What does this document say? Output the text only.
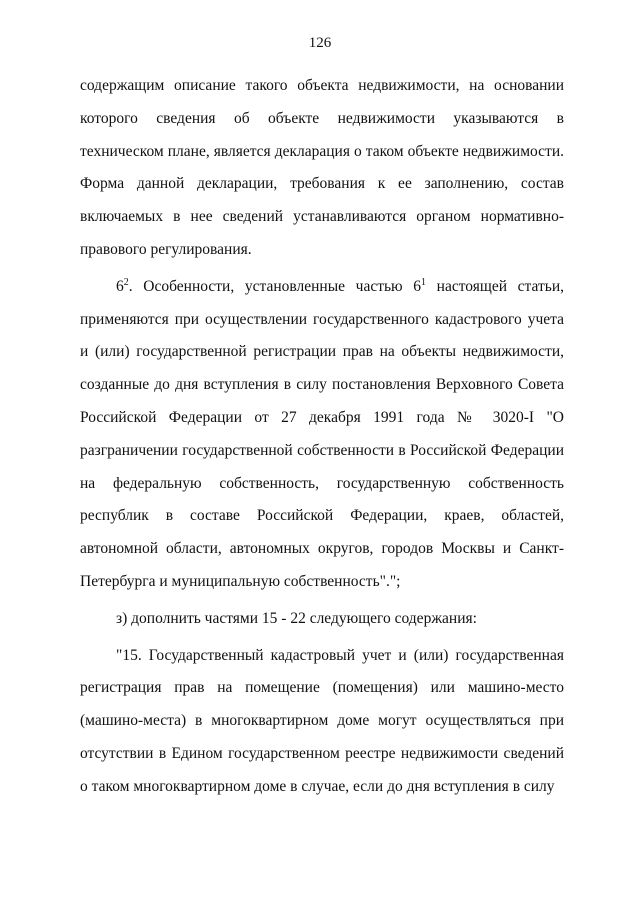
126

содержащим описание такого объекта недвижимости, на основании которого сведения об объекте недвижимости указываются в техническом плане, является декларация о таком объекте недвижимости. Форма данной декларации, требования к ее заполнению, состав включаемых в нее сведений устанавливаются органом нормативно-правового регулирования.

$6^2$. Особенности, установленные частью $6^1$ настоящей статьи, применяются при осуществлении государственного кадастрового учета и (или) государственной регистрации прав на объекты недвижимости, созданные до дня вступления в силу постановления Верховного Совета Российской Федерации от 27 декабря 1991 года № 3020-I "О разграничении государственной собственности в Российской Федерации на федеральную собственность, государственную собственность республик в составе Российской Федерации, краев, областей, автономной области, автономных округов, городов Москвы и Санкт-Петербурга и муниципальную собственность".";

з) дополнить частями 15 - 22 следующего содержания:

"15. Государственный кадастровый учет и (или) государственная регистрация прав на помещение (помещения) или машино-место (машино-места) в многоквартирном доме могут осуществляться при отсутствии в Едином государственном реестре недвижимости сведений о таком многоквартирном доме в случае, если до дня вступления в силу
